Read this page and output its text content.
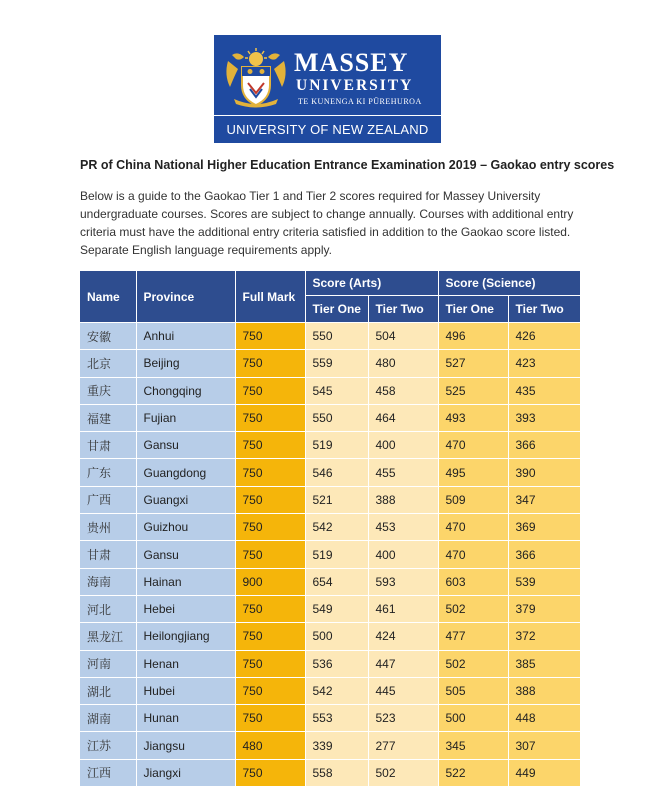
MASSEY
UNIVERSITY
TE KUNENGA KI PŪREHUROA
UNIVERSITY OF NEW ZEALAND
PR of China National Higher Education Entrance Examination 2019 – Gaokao entry scores
Below is a guide to the Gaokao Tier 1 and Tier 2 scores required for Massey University undergraduate courses. Scores are subject to change annually. Courses with additional entry criteria must have the additional entry criteria satisfied in addition to the Gaokao score listed. Separate English language requirements apply.
Name	Province	Full Mark	Score (Arts)		Score (Science)	
			Tier One	Tier Two	Tier One	Tier Two
安徽	Anhui	750	550	504	496	426
北京	Beijing	750	559	480	527	423
重庆	Chongqing	750	545	458	525	435
福建	Fujian	750	550	464	493	393
甘肃	Gansu	750	519	400	470	366
广东	Guangdong	750	546	455	495	390
广西	Guangxi	750	521	388	509	347
贵州	Guizhou	750	542	453	470	369
甘肃	Gansu	750	519	400	470	366
海南	Hainan	900	654	593	603	539
河北	Hebei	750	549	461	502	379
黑龙江	Heilongjiang	750	500	424	477	372
河南	Henan	750	536	447	502	385
湖北	Hubei	750	542	445	505	388
湖南	Hunan	750	553	523	500	448
江苏	Jiangsu	480	339	277	345	307
江西	Jiangxi	750	558	502	522	449
